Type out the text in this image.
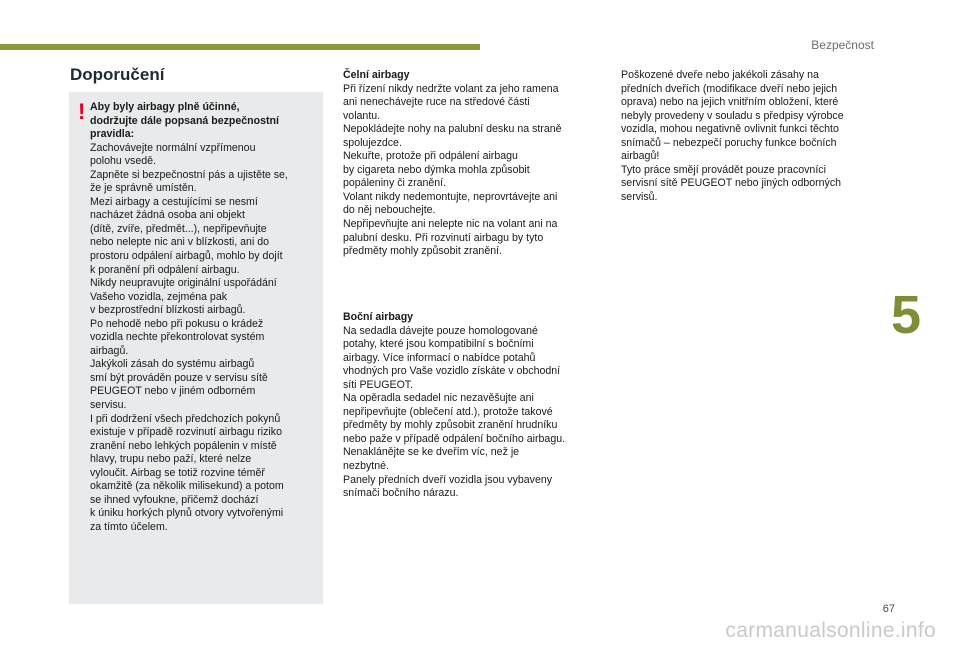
Bezpečnost
Doporučení
! Aby byly airbagy plně účinné,
dodržujte dále popsaná bezpečnostní
pravidla:
Zachovávejte normální vzpřímenou
polohu vsedě.
Zapněte si bezpečnostní pás a ujistěte se,
že je správně umístěn.
Mezi airbagy a cestujícími se nesmí
nacházet žádná osoba ani objekt
(dítě, zvíře, předmět...), nepřipevňujte
nebo nelepte nic ani v blízkosti, ani do
prostoru odpálení airbagů, mohlo by dojít
k poranění při odpálení airbagu.
Nikdy neupravujte originální uspořádání
Vašeho vozidla, zejména pak
v bezprostřední blízkosti airbagů.
Po nehodě nebo při pokusu o krádež
vozidla nechte překontrolovat systém
airbagů.
Jakýkoli zásah do systému airbagů
smí být prováděn pouze v servisu sítě
PEUGEOT nebo v jiném odborném
servisu.
I při dodržení všech předchozích pokynů
existuje v případě rozvinutí airbagu riziko
zranění nebo lehkých popálenin v místě
hlavy, trupu nebo paží, které nelze
vyloučit. Airbag se totiž rozvine téměř
okamžitě (za několik milisekund) a potom
se ihned vyfoukne, přičemž dochází
k úniku horkých plynů otvory vytvořenými
za tímto účelem.
Čelní airbagy
Při řízení nikdy nedržte volant za jeho ramena
ani nenechávejte ruce na středové části
volantu.
Nepokládejte nohy na palubní desku na straně
spolujezdce.
Nekuřte, protože při odpálení airbagu
by cigareta nebo dýmka mohla způsobit
popáleniny či zranění.
Volant nikdy nedemontujte, neprovrtávejte ani
do něj nebouchejte.
Nepřipevňujte ani nelepte nic na volant ani na
palubní desku. Při rozvinutí airbagu by tyto
předměty mohly způsobit zranění.
Boční airbagy
Na sedadla dávejte pouze homologované
potahy, které jsou kompatibilní s bočními
airbagy. Více informací o nabídce potahů
vhodných pro Vaše vozidlo získáte v obchodní
síti PEUGEOT.
Na opěradla sedadel nic nezavěšujte ani
nepřipevňujte (oblečení atd.), protože takové
předměty by mohly způsobit zranění hrudníku
nebo paže v případě odpálení bočního airbagu.
Nenaklánějte se ke dveřím víc, než je
nezbytné.
Panely předních dveří vozidla jsou vybaveny
snímači bočního nárazu.
Poškozené dveře nebo jakékoli zásahy na
předních dveřích (modifikace dveří nebo jejich
oprava) nebo na jejich vnitřním obložení, které
nebyly provedeny v souladu s předpisy výrobce
vozidla, mohou negativně ovlivnit funkci těchto
snímačů – nebezpečí poruchy funkce bočních
airbagů!
Tyto práce smějí provádět pouze pracovníci
servisní sítě PEUGEOT nebo jiných odborných
servisů.
5
67
carmanualsonline.info
